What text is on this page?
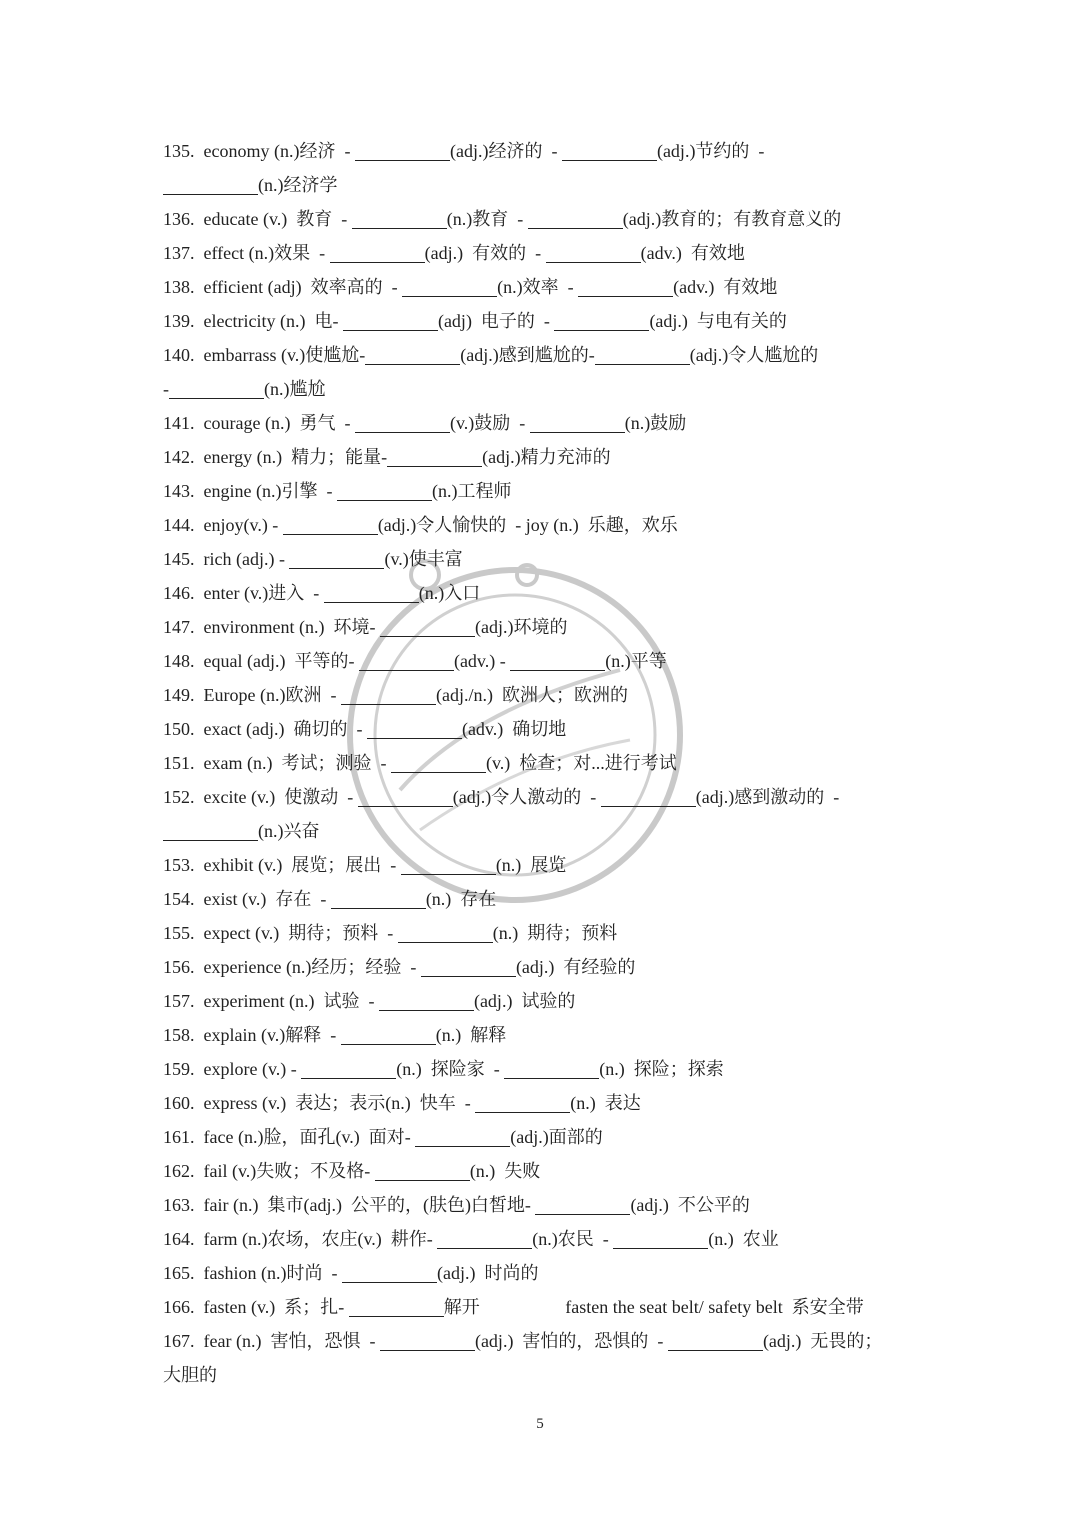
135.  economy (n.)经济  -	(adj.)经济的  -	(adj.)节约的  -
(n.)经济学
136.  educate (v.)  教育  -	(n.)教育  -	(adj.)教育的；有教育意义的
137.  effect (n.)效果  -	(adj.)  有效的  -	(adv.)  有效地
138.  efficient (adj)  效率高的  -	(n.)效率  -	(adv.)  有效地
139.  electricity (n.)  电-	(adj)  电子的  -	(adj.)  与电有关的
140.  embarrass (v.)使尴尬-	(adj.)感到尴尬的-	(adj.)令人尴尬的
-	(n.)尴尬
141.  courage (n.)  勇气  -	(v.)鼓励  -	(n.)鼓励
142.  energy (n.)  精力；能量-	(adj.)精力充沛的
143.  engine (n.)引擎  -	(n.)工程师
144.  enjoy(v.) -	(adj.)令人愉快的  - joy (n.)  乐趣，欢乐
145.  rich (adj.) -	(v.)使丰富
146.  enter (v.)进入  -	(n.)入口
147.  environment (n.)  环境-	(adj.)环境的
148.  equal (adj.)  平等的-	(adv.) -	(n.)平等
149.  Europe (n.)欧洲  -	(adj./n.)  欧洲人；欧洲的
150.  exact (adj.)  确切的  -	(adv.)  确切地
151.  exam (n.)  考试；测验  -	(v.)  检查；对...进行考试
152.  excite (v.)  使激动  -	(adj.)令人激动的  -	(adj.)感到激动的  -
(n.)兴奋
153.  exhibit (v.)  展览；展出  -	(n.)  展览
154.  exist (v.)  存在  -	(n.)  存在
155.  expect (v.)  期待；预料  -	(n.)  期待；预料
156.  experience (n.)经历；经验  -	(adj.)  有经验的
157.  experiment (n.)  试验  -	(adj.)  试验的
158.  explain (v.)解释  -	(n.)  解释
159.  explore (v.) -	(n.)  探险家  -	(n.)  探险；探索
160.  express (v.)  表达；表示(n.)  快车  -	(n.)  表达
161.  face (n.)脸，面孔(v.)  面对-	(adj.)面部的
162.  fail (v.)失败；不及格-	(n.)  失败
163.  fair (n.)  集市(adj.)  公平的，(肤色)白皙地-	(adj.)  不公平的
164.  farm (n.)农场，农庄(v.)  耕作-	(n.)农民  -	(n.)  农业
165.  fashion (n.)时尚  -	(adj.)  时尚的
166.  fasten (v.)  系；扎-	解开                   fasten the seat belt/ safety belt  系安全带
167.  fear (n.)  害怕，恐惧  -	(adj.)  害怕的，恐惧的  -	(adj.)  无畏的；
大胆的
5
